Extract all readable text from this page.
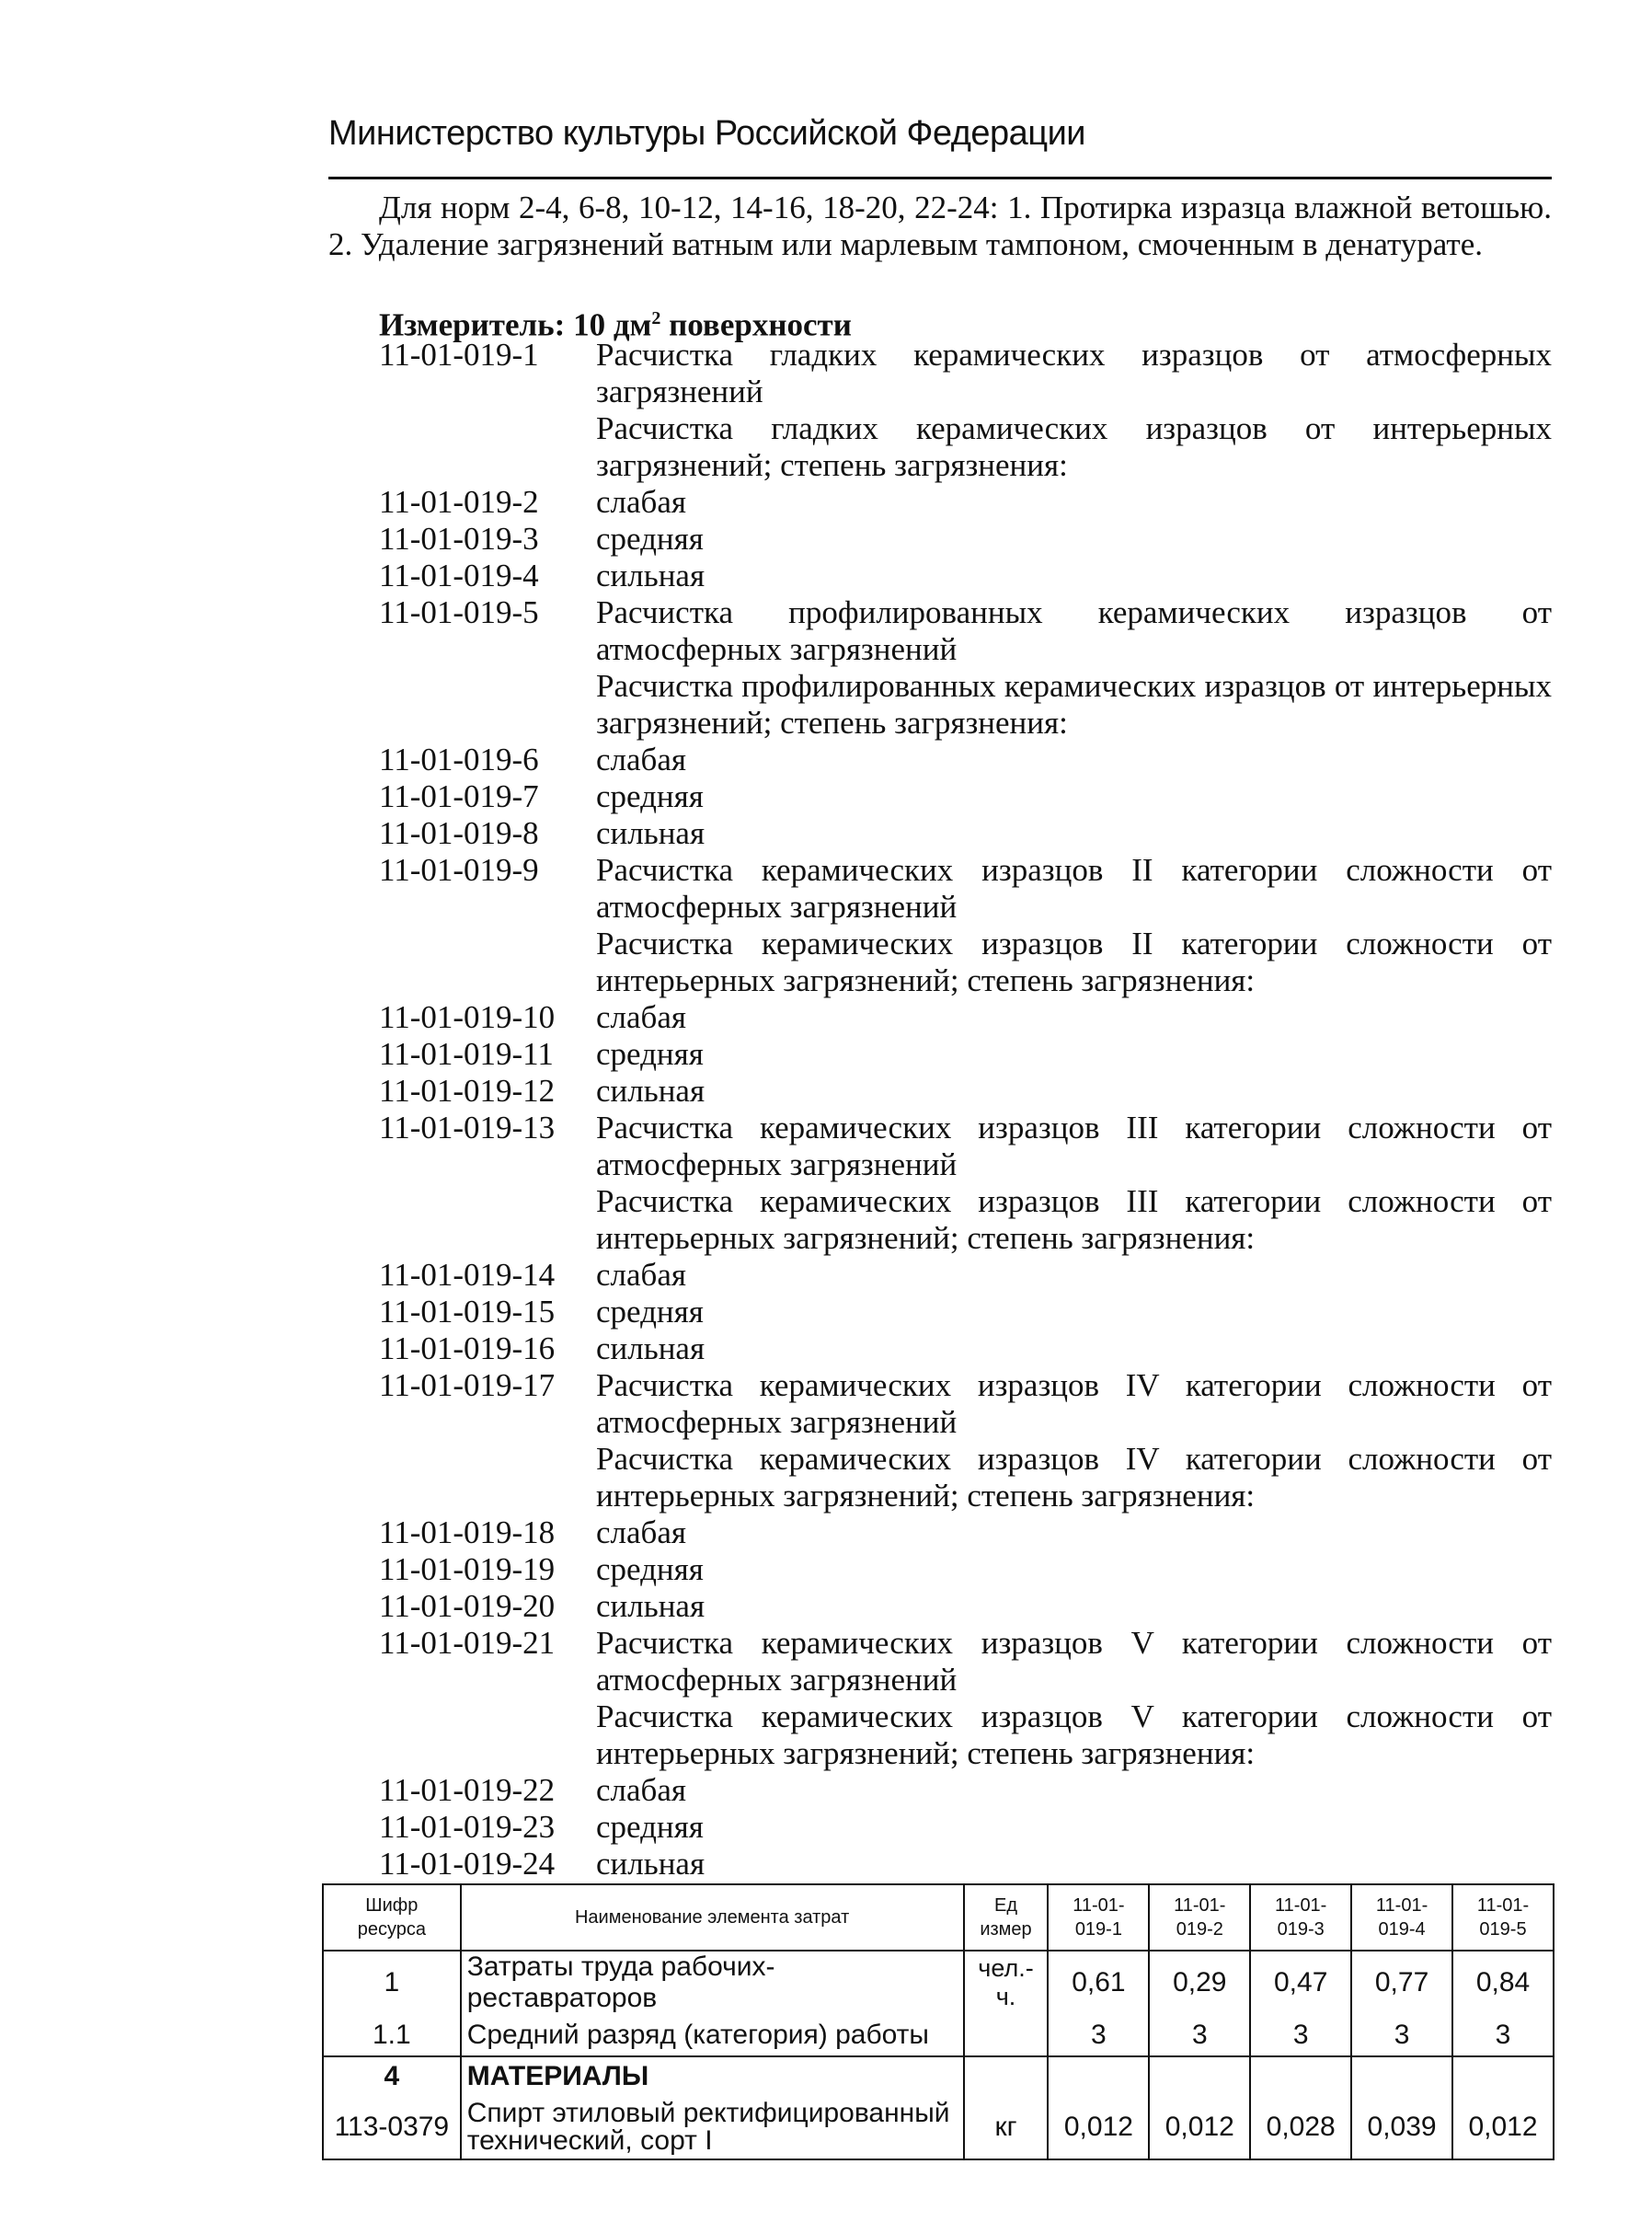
Министерство культуры Российской Федерации
Для норм 2-4, 6-8, 10-12, 14-16, 18-20, 22-24: 1. Протирка изразца влажной ветошью. 2. Удаление загрязнений ватным или марлевым тампоном, смоченным в денатурате.
Измеритель: 10 $дм^2$ поверхности
11-01-019-1	Расчистка гладких керамических изразцов от атмосферных загрязнений
Расчистка гладких керамических изразцов от интерьерных загрязнений; степень загрязнения:
11-01-019-2	слабая
11-01-019-3	средняя
11-01-019-4	сильная
11-01-019-5	Расчистка профилированных керамических изразцов от атмосферных загрязнений
Расчистка профилированных керамических изразцов от интерьерных загрязнений; степень загрязнения:
11-01-019-6	слабая
11-01-019-7	средняя
11-01-019-8	сильная
11-01-019-9	Расчистка керамических изразцов II категории сложности от атмосферных загрязнений
Расчистка керамических изразцов II категории сложности от интерьерных загрязнений; степень загрязнения:
11-01-019-10	слабая
11-01-019-11	средняя
11-01-019-12	сильная
11-01-019-13	Расчистка керамических изразцов III категории сложности от атмосферных загрязнений
Расчистка керамических изразцов III категории сложности от интерьерных загрязнений; степень загрязнения:
11-01-019-14	слабая
11-01-019-15	средняя
11-01-019-16	сильная
11-01-019-17	Расчистка керамических изразцов IV категории сложности от атмосферных загрязнений
Расчистка керамических изразцов IV категории сложности от интерьерных загрязнений; степень загрязнения:
11-01-019-18	слабая
11-01-019-19	средняя
11-01-019-20	сильная
11-01-019-21	Расчистка керамических изразцов V категории сложности от атмосферных загрязнений
Расчистка керамических изразцов V категории сложности от интерьерных загрязнений; степень загрязнения:
11-01-019-22	слабая
11-01-019-23	средняя
11-01-019-24	сильная
Шифр ресурса	Наименование элемента затрат	Ед измер	11-01-019-1	11-01-019-2	11-01-019-3	11-01-019-4	11-01-019-5
1	Затраты труда рабочих-реставраторов	чел.-ч.	0,61	0,29	0,47	0,77	0,84
1.1	Средний разряд (категория) работы		3	3	3	3	3
4	МАТЕРИАЛЫ						
113-0379	Спирт этиловый ректифицированный технический, сорт I	кг	0,012	0,012	0,028	0,039	0,012
